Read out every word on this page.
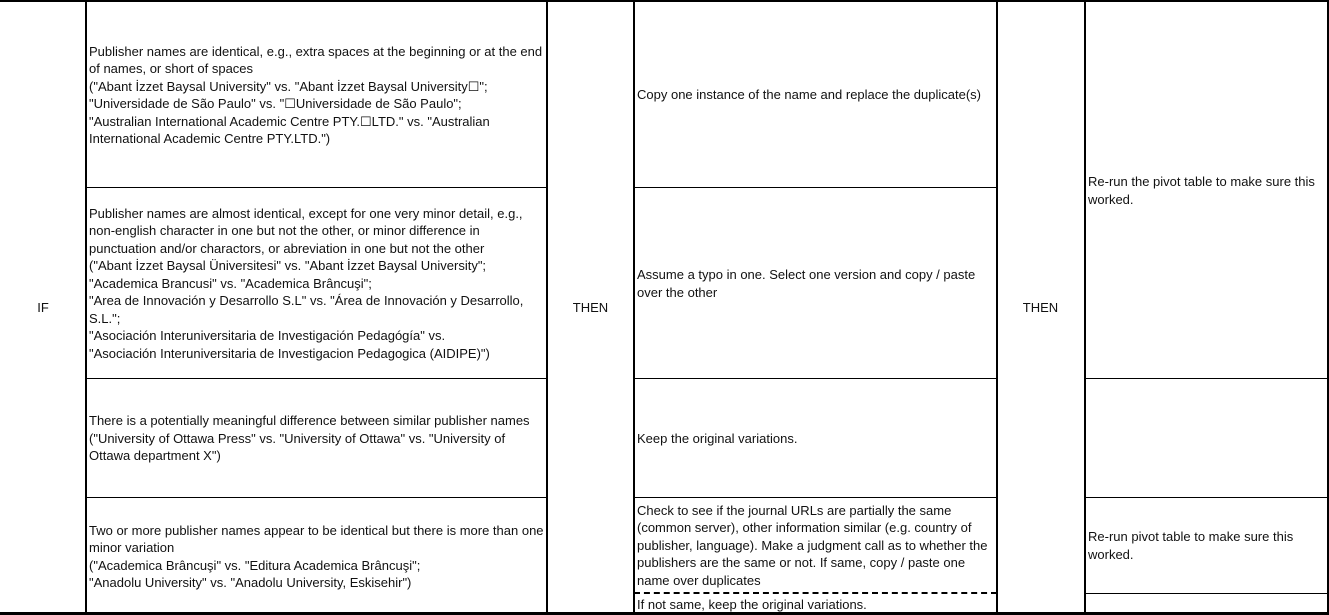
IF	THEN	THEN
Publisher names are identical, e.g., extra spaces at the beginning or at the end of names, or short of spaces
("Abant İzzet Baysal University" vs. "Abant İzzet Baysal University☐";
"Universidade de São Paulo" vs. "☐Universidade de São Paulo";
"Australian International Academic Centre PTY.☐LTD." vs. "Australian International Academic Centre PTY.LTD.")
Publisher names are almost identical, except for one very minor detail, e.g., non-english character in one but not the other, or minor difference in punctuation and/or charactors, or abreviation in one but not the other
("Abant İzzet Baysal Üniversitesi" vs. "Abant İzzet Baysal University";
"Academica Brancusi" vs. "Academica Brâncuşi";
"Area de Innovación y Desarrollo S.L" vs. "Área de Innovación y Desarrollo, S.L.";
"Asociación Interuniversitaria de Investigación Pedagógía" vs.
"Asociación Interuniversitaria de Investigacion Pedagogica (AIDIPE)")
There is a potentially meaningful difference between similar publisher names
("University of Ottawa Press" vs. "University of Ottawa" vs. "University of Ottawa department X")
Two or more publisher names appear to be identical but there is more than one minor variation
("Academica Brâncuşi" vs. "Editura Academica Brâncuşi";
"Anadolu University" vs. "Anadolu University, Eskisehir")
Copy one instance of the name and replace the duplicate(s)
Assume a typo in one. Select one version and copy / paste over the other
Keep the original variations.
Check to see if the journal URLs are partially the same (common server), other information similar (e.g. country of publisher, language). Make a judgment call as to whether the publishers are the same or not. If same, copy / paste one name over duplicates
If not same, keep the original variations.
Re-run the pivot table to make sure this worked.
Re-run pivot table to make sure this worked.
